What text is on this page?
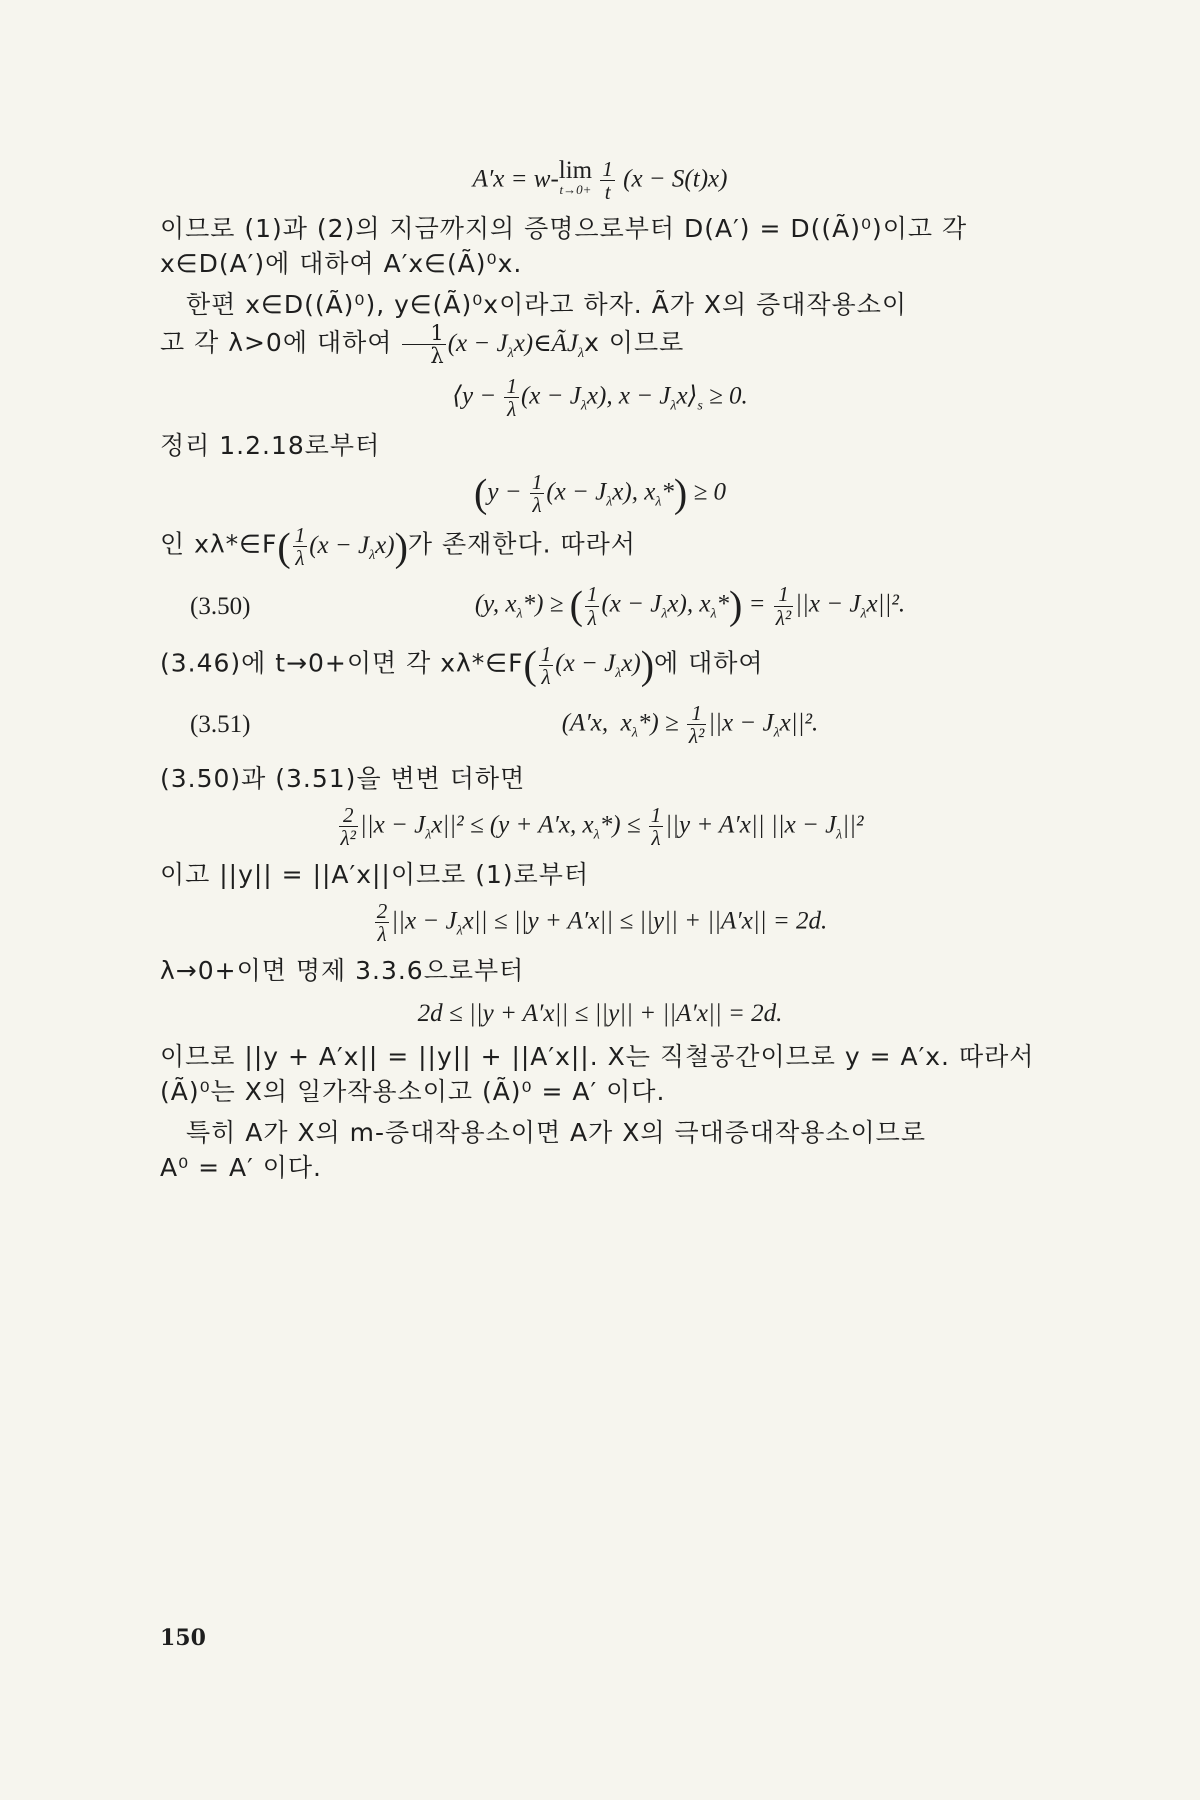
A′x = w- lim
t→0+
$\frac{1}{t} (x - S(t)x)$

이므로 (1)과 (2)의 지금까지의 증명으로부터 D(A′) = D((Ã)⁰)이고 각
x∈D(A′)에 대하여 A′x∈(Ã)⁰x.

한편 x∈D((Ã)⁰), y∈(Ã)⁰x이라고 하자. Ã가 X의 증대작용소이
고 각 λ>0에 대하여 $\frac{1}{\lambda} (x$ − $J_\lambda x)\in ÃJ_\lambda x$ 이므로

⟨y − $\frac{1}{\lambda} (x - J_\lambda x)$, $x - J_\lambda x⟩_s \ge 0$.

정리 1.2.18로부터

($y - \frac{1}{\lambda} (x - J_\lambda x)$, $x_\lambda*) \ge 0$

인 xλ*∈F( $\frac{1}{\lambda} (x - J_\lambda x)$)가 존재한다. 따라서

(3.50)	(y, $x_\lambda*$) ≥ ( $\frac{1}{\lambda} (x - J_\lambda x)$, $x_\lambda*) = \frac{1}{\text{λ²}} ||x - J_\lambda x||^2$.

(3.46)에 t→0+이면 각 xλ*∈F( $\frac{1}{\lambda} (x - J_\lambda x)$)에 대하여

(3.51)	(A′x,  $x_\lambda*) \ge \frac{1}{\text{λ²}} ||x - J_\lambda x||^2$.

(3.50)과 (3.51)을 변변 더하면

$\frac{2}{\text{λ²}} ||x - J_\lambda x||^2 \le (y + A'x$, $x_\lambda*) \le \frac{1}{\lambda} ||y + A'x||$ $||x - J_\lambda||^2$

이고 ||y|| = ||A′x||이므로 (1)로부터

$\frac{2}{\lambda} ||x - J_\lambda x|| \le ||y + A'x|| \le ||y|| + ||A'x|| = 2d$.

λ→0+이면 명제 3.3.6으로부터

2d ≤ ||y + A′x|| ≤ ||y|| + ||A′x|| = 2d.

이므로 ||y + A′x|| = ||y|| + ||A′x||. X는 직철공간이므로 y = A′x. 따라서
(Ã)⁰는 X의 일가작용소이고 (Ã)⁰ = A′ 이다.

특히 A가 X의 m-증대작용소이면 A가 X의 극대증대작용소이므로
A⁰ = A′ 이다.

150
